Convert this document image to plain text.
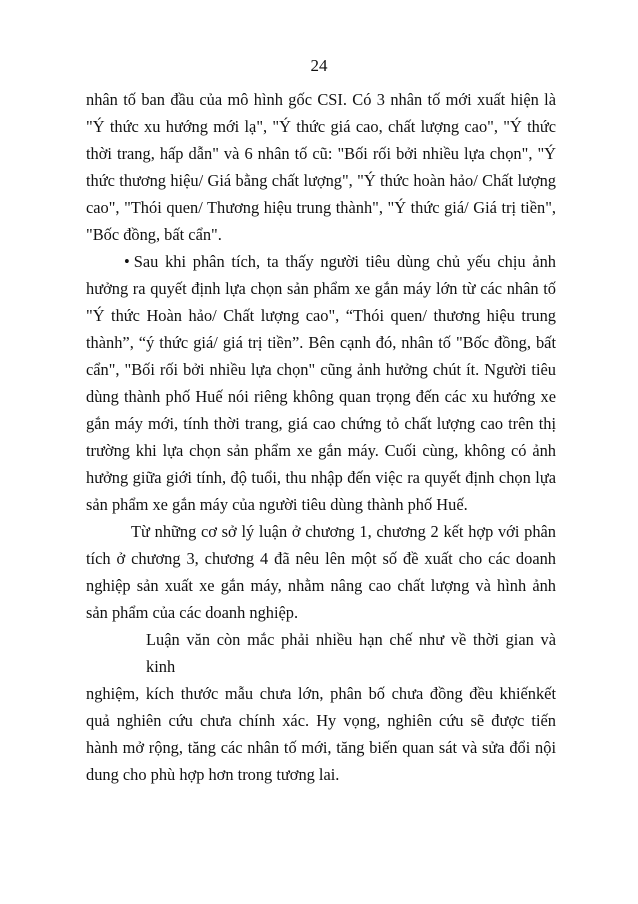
24

nhân tố ban đầu của mô hình gốc CSI. Có 3 nhân tố mới xuất hiện là
"Ý thức xu hướng mới lạ", "Ý thức giá cao, chất lượng cao", "Ý thức
thời trang, hấp dẫn" và 6 nhân tố cũ: "Bối rối bởi nhiều lựa chọn", "Ý
thức thương hiệu/ Giá bằng chất lượng", "Ý thức hoàn hảo/ Chất lượng
cao", "Thói quen/ Thương hiệu trung thành", "Ý thức giá/ Giá trị tiền",
"Bốc đồng, bất cẩn".

• Sau khi phân tích, ta thấy người tiêu dùng chủ yếu chịu ảnh
hưởng ra quyết định lựa chọn sản phẩm xe gắn máy lớn từ các nhân tố
"Ý thức Hoàn hảo/ Chất lượng cao", “Thói quen/ thương hiệu trung
thành”, “ý thức giá/ giá trị tiền”. Bên cạnh đó, nhân tố "Bốc đồng, bất
cẩn", "Bối rối bởi nhiều lựa chọn" cũng ảnh hưởng chút ít. Người tiêu
dùng thành phố Huế nói riêng không quan trọng đến các xu hướng xe
gắn máy mới, tính thời trang, giá cao chứng tỏ chất lượng cao trên thị
trường khi lựa chọn sản phẩm xe gắn máy. Cuối cùng, không có ảnh
hưởng giữa giới tính, độ tuổi, thu nhập đến việc ra quyết định chọn lựa
sản phẩm xe gắn máy của người tiêu dùng thành phố Huế.

Từ những cơ sở lý luận ở chương 1, chương 2 kết hợp với phân
tích ở chương 3, chương 4 đã nêu lên một số đề xuất cho các doanh
nghiệp sản xuất xe gắn máy, nhằm nâng cao chất lượng và hình ảnh
sản phẩm của các doanh nghiệp.

Luận văn còn mắc phải nhiều hạn chế như về thời gian và kinh
nghiệm, kích thước mẫu chưa lớn, phân bố chưa đồng đều khiếnkết
quả nghiên cứu chưa chính xác. Hy vọng, nghiên cứu sẽ được tiến
hành mở rộng, tăng các nhân tố mới, tăng biến quan sát và sửa đổi nội
dung cho phù hợp hơn trong tương lai.
